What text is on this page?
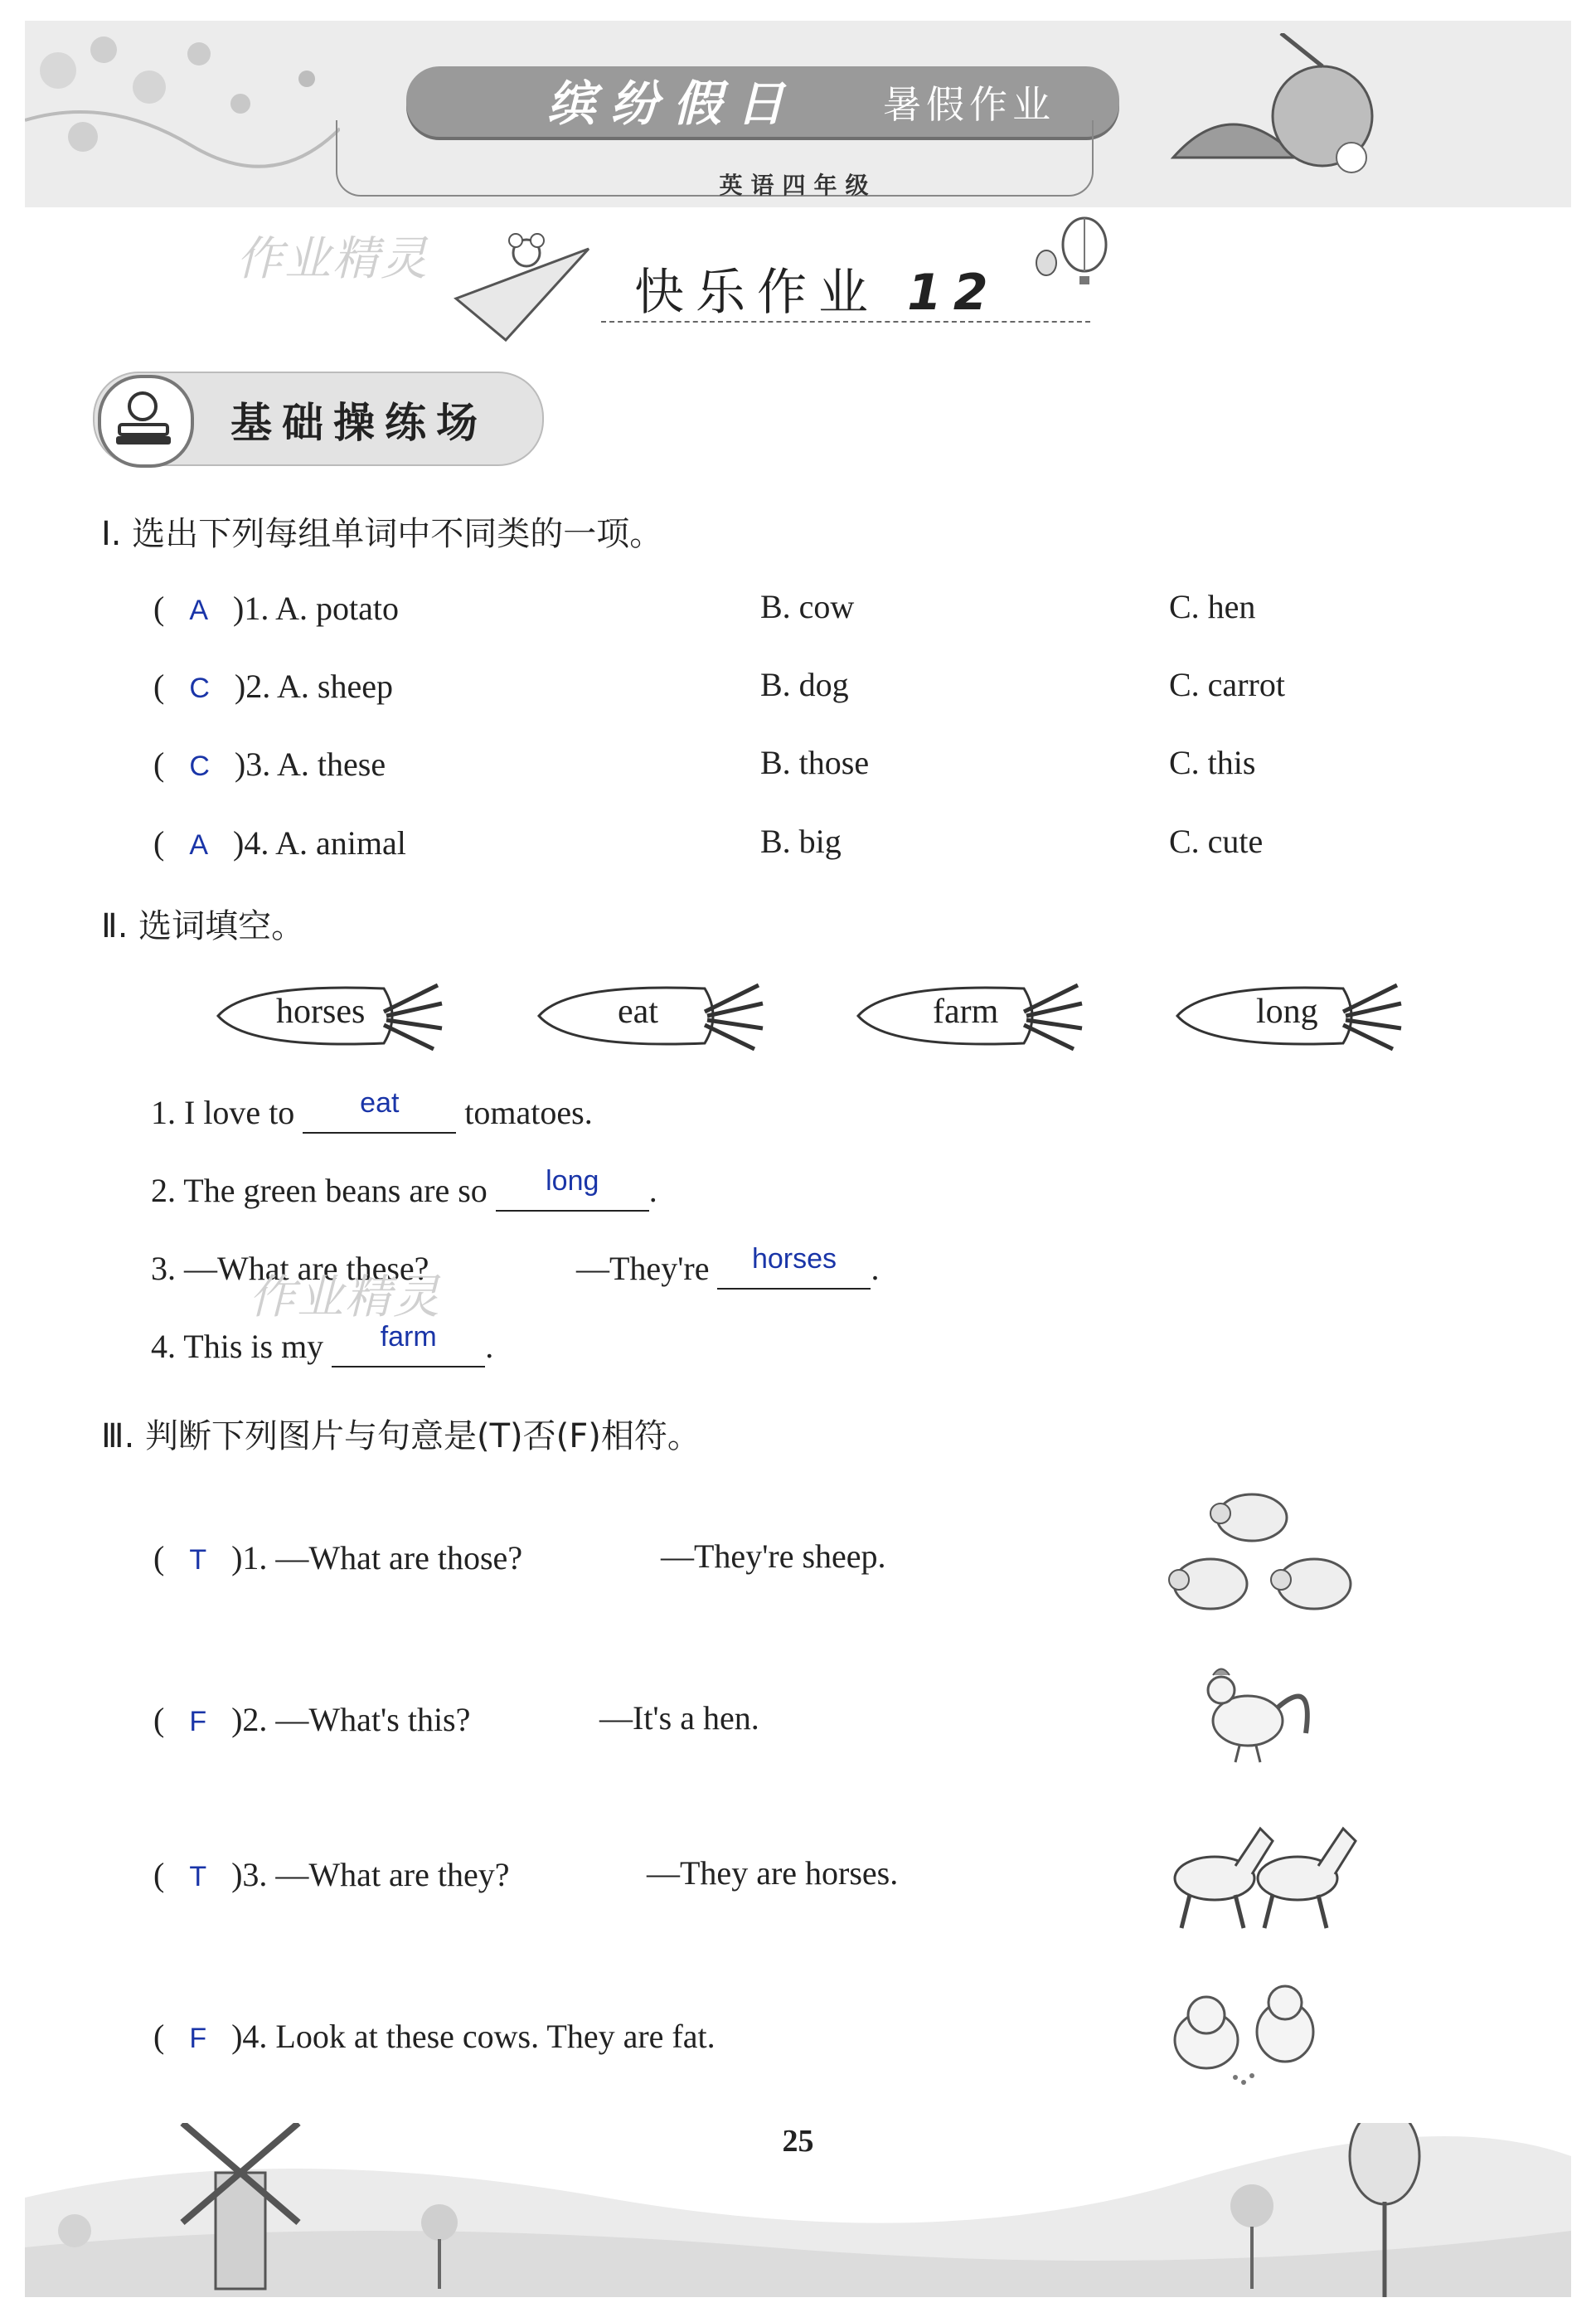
缤纷假日 暑假作业
英语四年级
作业精灵
快乐作业 12
基础操练场
Ⅰ. 选出下列每组单词中不同类的一项。
( A )1. A. potato	B. cow	C. hen
( C )2. A. sheep	B. dog	C. carrot
( C )3. A. these	B. those	C. this
( A )4. A. animal	B. big	C. cute
Ⅱ. 选词填空。
horses	eat	farm	long
1. I love to $^{eat}$ tomatoes.
2. The green beans are so $^{long}$ .
3. —What are these?
作业精灵
—They're $^{horses}$ .
4. This is my $^{farm}$ .
Ⅲ. 判断下列图片与句意是(T)否(F)相符。
( T )1. —What are those?	—They're sheep.
( F )2. —What's this?	—It's a hen.
( T )3. —What are they?	—They are horses.
( F )4. Look at these cows. They are fat.
25
